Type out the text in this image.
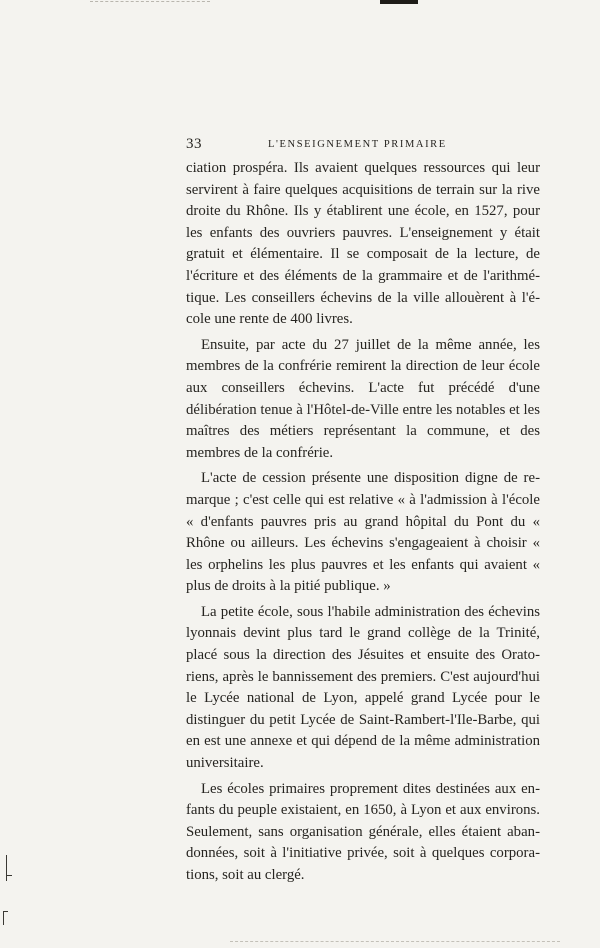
33	L'ENSEIGNEMENT PRIMAIRE

ciation prospéra. Ils avaient quelques ressources qui leur servirent à faire quelques acquisitions de terrain sur la rive droite du Rhône. Ils y établirent une école, en 1527, pour les enfants des ouvriers pauvres. L'enseignement y était gratuit et élémentaire. Il se composait de la lecture, de l'écriture et des éléments de la grammaire et de l'arithmétique. Les conseillers échevins de la ville allouèrent à l'école une rente de 400 livres.

Ensuite, par acte du 27 juillet de la même année, les membres de la confrérie remirent la direction de leur école aux conseillers échevins. L'acte fut précédé d'une délibération tenue à l'Hôtel-de-Ville entre les notables et les maîtres des métiers représentant la commune, et des membres de la confrérie.

L'acte de cession présente une disposition digne de remarque ; c'est celle qui est relative « à l'admission à l'école « d'enfants pauvres pris au grand hôpital du Pont du « Rhône ou ailleurs. Les échevins s'engageaient à choisir « les orphelins les plus pauvres et les enfants qui avaient « plus de droits à la pitié publique. »

La petite école, sous l'habile administration des échevins lyonnais devint plus tard le grand collège de la Trinité, placé sous la direction des Jésuites et ensuite des Oratoriens, après le bannissement des premiers. C'est aujourd'hui le Lycée national de Lyon, appelé grand Lycée pour le distinguer du petit Lycée de Saint-Rambert-l'Ile-Barbe, qui en est une annexe et qui dépend de la même administration universitaire.

Les écoles primaires proprement dites destinées aux enfants du peuple existaient, en 1650, à Lyon et aux environs. Seulement, sans organisation générale, elles étaient abandonnées, soit à l'initiative privée, soit à quelques corporations, soit au clergé.
